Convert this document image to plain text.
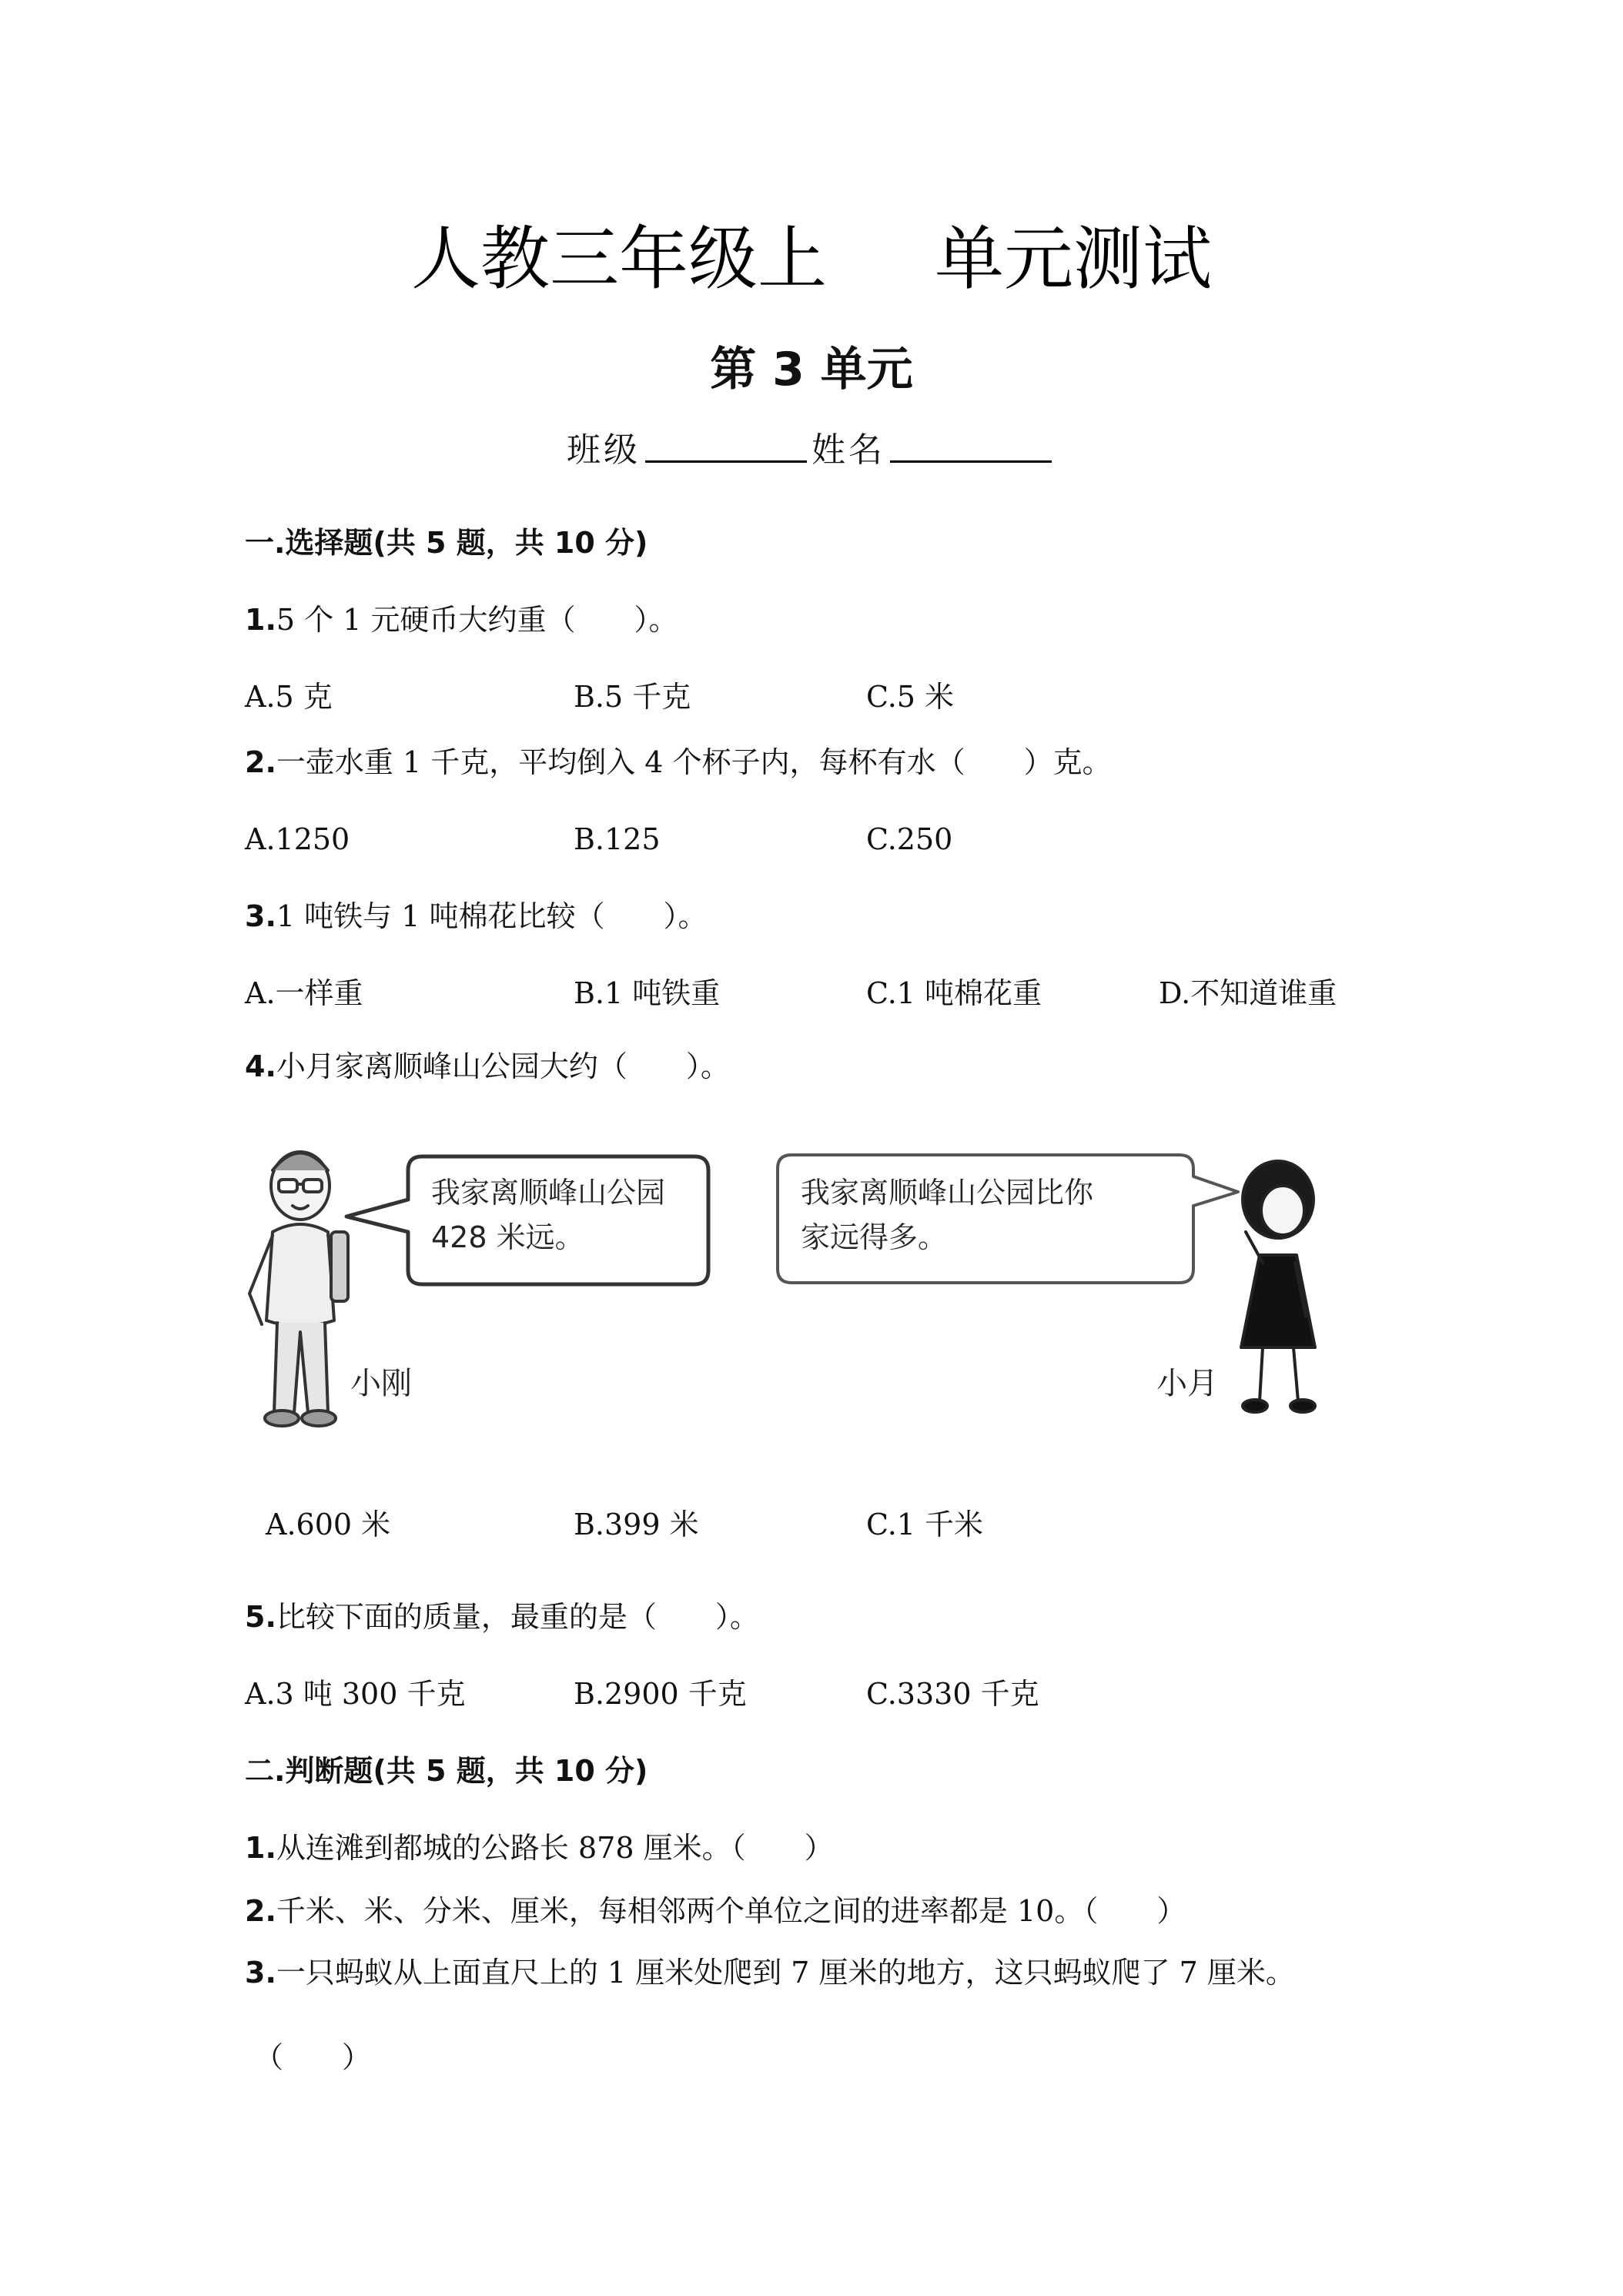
人教三年级上 单元测试
第 3 单元
班级	姓名
一.选择题(共 5 题，共 10 分)
1.5 个 1 元硬币大约重（　　）。
A.5 克	B.5 千克	C.5 米
2.一壶水重 1 千克，平均倒入 4 个杯子内，每杯有水（　　）克。
A.1250	B.125	C.250
3.1 吨铁与 1 吨棉花比较（　　）。
A.一样重	B.1 吨铁重	C.1 吨棉花重	D.不知道谁重
4.小月家离顺峰山公园大约（　　）。
我家离顺峰山公园
428 米远。
小刚
我家离顺峰山公园比你
家远得多。
小月
A.600 米	B.399 米	C.1 千米
5.比较下面的质量，最重的是（　　）。
A.3 吨 300 千克	B.2900 千克	C.3330 千克
二.判断题(共 5 题，共 10 分)
1.从连滩到都城的公路长 878 厘米。（　　）
2.千米、米、分米、厘米，每相邻两个单位之间的进率都是 10。（　　）
3.一只蚂蚁从上面直尺上的 1 厘米处爬到 7 厘米的地方，这只蚂蚁爬了 7 厘米。
（　　）
